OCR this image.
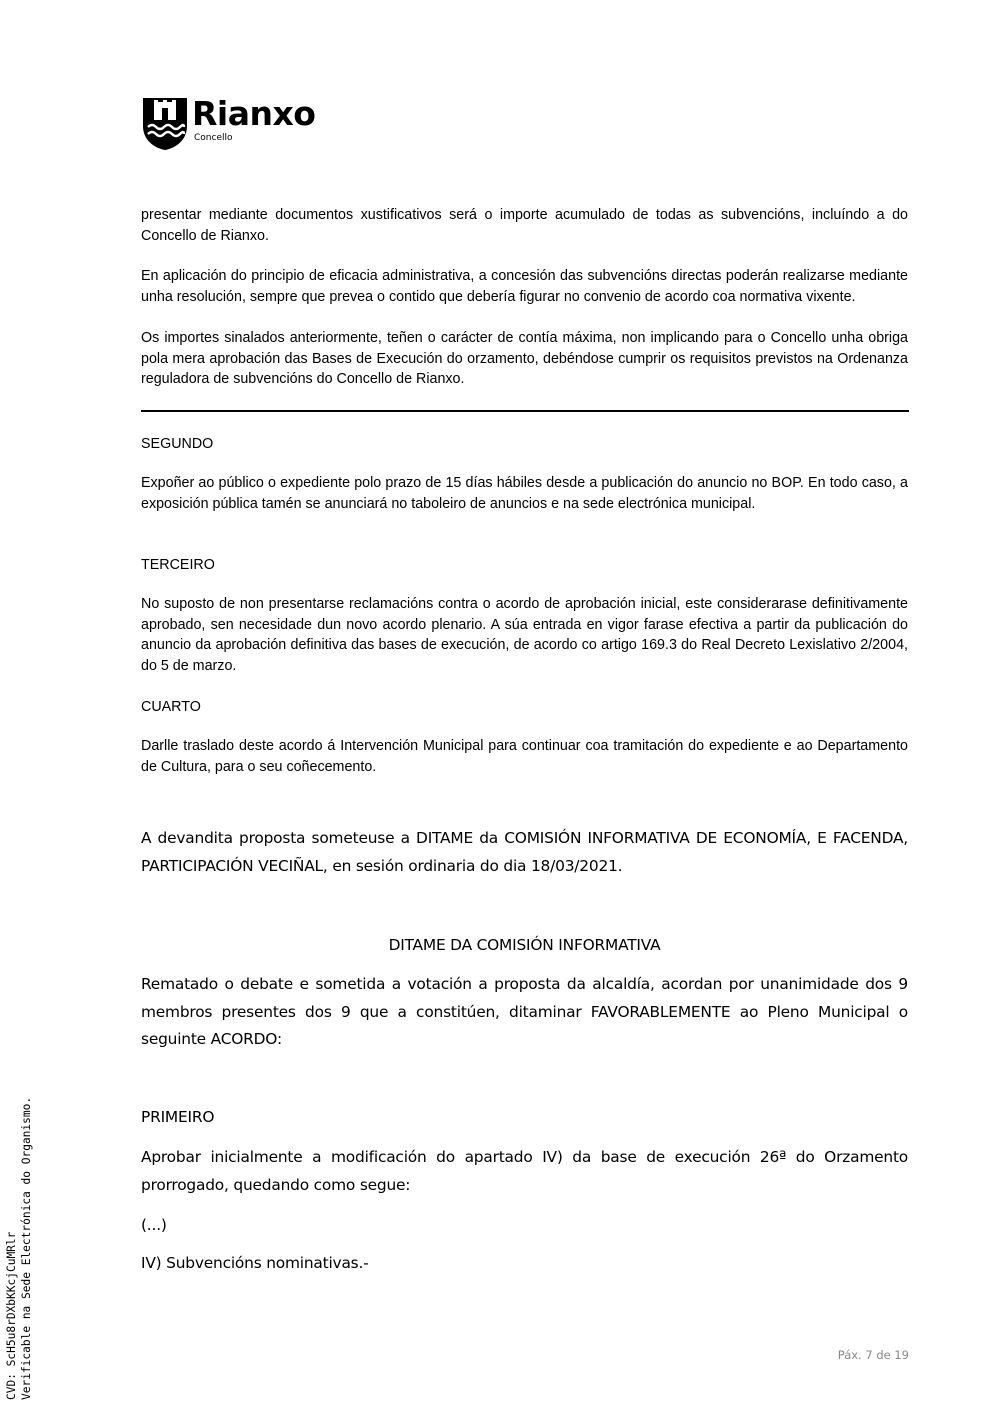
Rianxo
Concello

presentar mediante documentos xustificativos será o importe acumulado de todas as subvencións, incluíndo a do Concello de Rianxo.

En aplicación do principio de eficacia administrativa, a concesión das subvencións directas poderán realizarse mediante unha resolución, sempre que prevea o contido que debería figurar no convenio de acordo coa normativa vixente.

Os importes sinalados anteriormente, teñen o carácter de contía máxima, non implicando para o Concello unha obriga pola mera aprobación das Bases de Execución do orzamento, debéndose cumprir os requisitos previstos na Ordenanza reguladora de subvencións do Concello de Rianxo.

SEGUNDO

Expoñer ao público o expediente polo prazo de 15 días hábiles desde a publicación do anuncio no BOP. En todo caso, a exposición pública tamén se anunciará no taboleiro de anuncios e na sede electrónica municipal.

TERCEIRO

No suposto de non presentarse reclamacións contra o acordo de aprobación inicial, este considerarase definitivamente aprobado, sen necesidade dun novo acordo plenario. A súa entrada en vigor farase efectiva a partir da publicación do anuncio da aprobación definitiva das bases de execución, de acordo co artigo 169.3 do Real Decreto Lexislativo 2/2004, do 5 de marzo.

CUARTO

Darlle traslado deste acordo á Intervención Municipal para continuar coa tramitación do expediente e ao Departamento de Cultura, para o seu coñecemento.

A devandita proposta someteuse a DITAME da COMISIÓN INFORMATIVA DE ECONOMÍA, E FACENDA, PARTICIPACIÓN VECIÑAL, en sesión ordinaria do dia 18/03/2021.

DITAME DA COMISIÓN INFORMATIVA

Rematado o debate e sometida a votación a proposta da alcaldía, acordan por unanimidade dos 9 membros presentes dos 9 que a constitúen, ditaminar FAVORABLEMENTE ao Pleno Municipal o seguinte ACORDO:

PRIMEIRO

Aprobar inicialmente a modificación do apartado IV) da base de execución 26ª do Orzamento prorrogado, quedando como segue:

(...)

IV) Subvencións nominativas.-

Páx. 7 de 19
CVD: ScH5u8rDXbKKcjCuMRlr Verificable na Sede Electrónica do Organismo.
